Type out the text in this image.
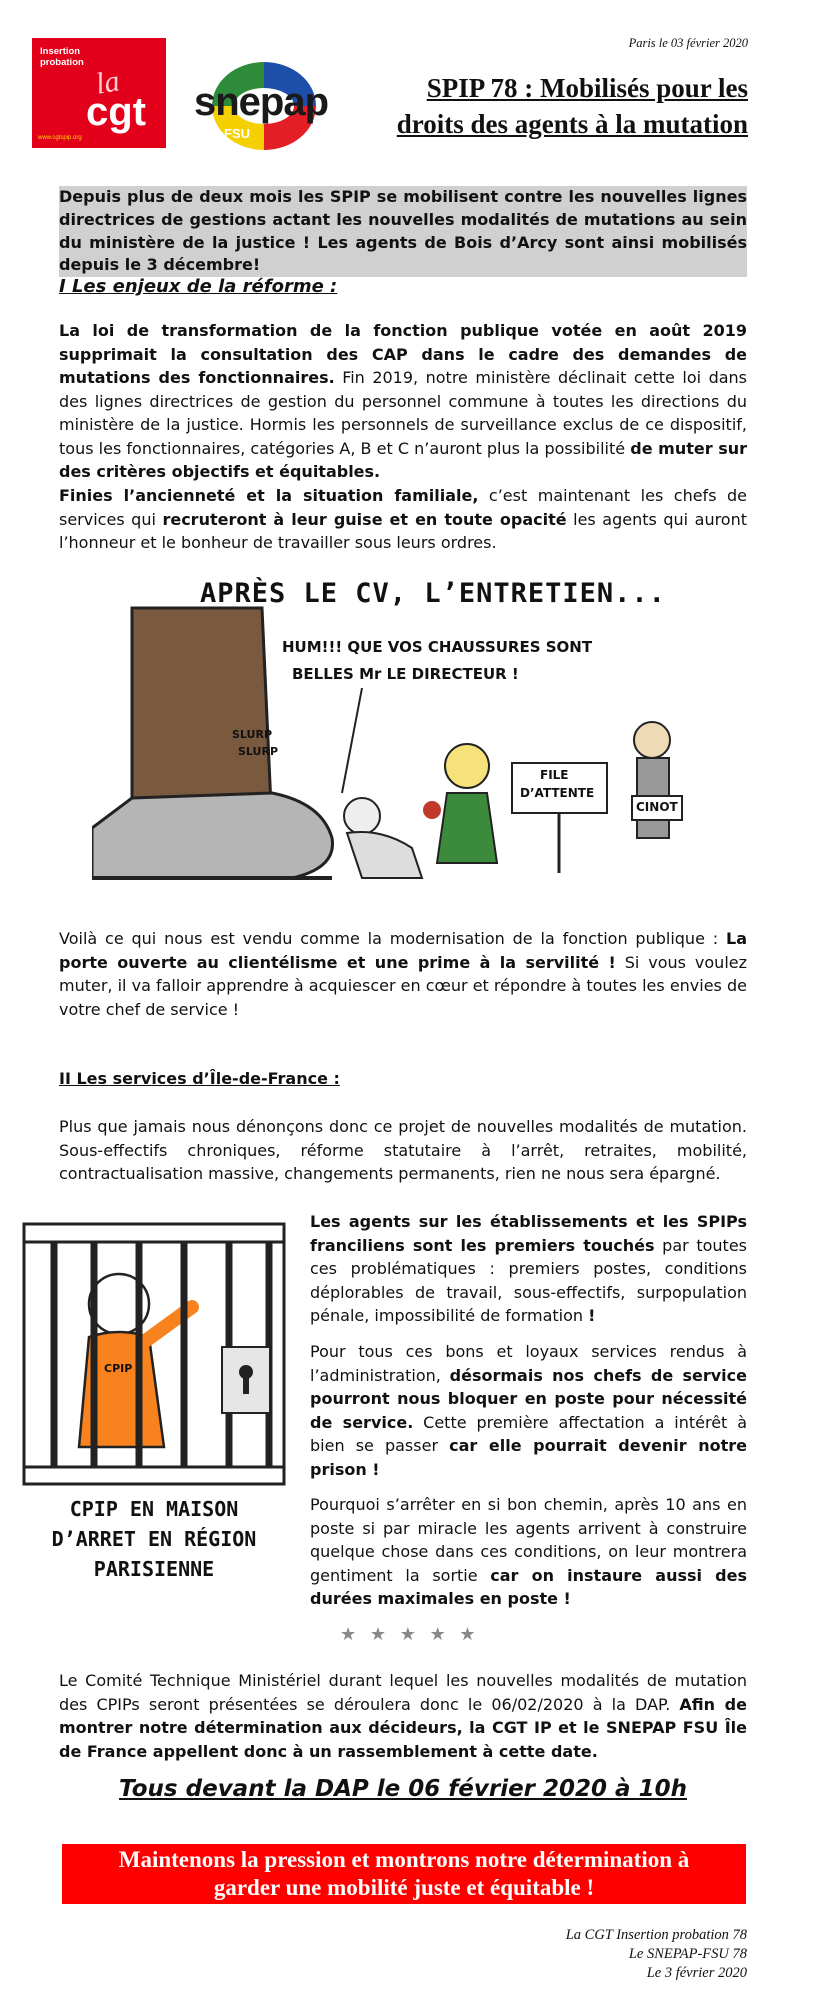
Insertion
probation
la
cgt
www.cgtspip.org
snepap
FSU
Paris le 03 février 2020
SPIP 78 : Mobilisés pour les
droits des agents à la mutation
Depuis plus de deux mois les SPIP se mobilisent contre les nouvelles lignes directrices de gestions actant les nouvelles modalités de mutations au sein du ministère de la justice ! Les agents de Bois d’Arcy sont ainsi mobilisés depuis le 3 décembre!
I Les enjeux de la réforme :
La loi de transformation de la fonction publique votée en août 2019 supprimait la consultation des CAP dans le cadre des demandes de mutations des fonctionnaires. Fin 2019, notre ministère déclinait cette loi dans des lignes directrices de gestion du personnel commune à toutes les directions du ministère de la justice. Hormis les personnels de surveillance exclus de ce dispositif, tous les fonctionnaires, catégories A, B et C n’auront plus la possibilité de muter sur des critères objectifs et équitables.
Finies l’ancienneté et la situation familiale, c’est maintenant les chefs de services qui recruteront à leur guise et en toute opacité les agents qui auront l’honneur et le bonheur de travailler sous leurs ordres.
APRÈS LE CV, L’ENTRETIEN...
HUM!!! QUE VOS CHAUSSURES SONT
BELLES Mr LE DIRECTEUR !
SLURP
SLURP
FILE
D’ATTENTE
CINOT
Voilà ce qui nous est vendu comme la modernisation de la fonction publique : La porte ouverte au clientélisme et une prime à la servilité ! Si vous voulez muter, il va falloir apprendre à acquiescer en cœur et répondre à toutes les envies de votre chef de service !
II Les services d’Île-de-France :
Plus que jamais nous dénonçons donc ce projet de nouvelles modalités de mutation. Sous-effectifs chroniques, réforme statutaire à l’arrêt, retraites, mobilité, contractualisation massive, changements permanents, rien ne nous sera épargné.
CPIP
CPIP EN MAISON
D’ARRET EN RÉGION
PARISIENNE
Les agents sur les établissements et les SPIPs franciliens sont les premiers touchés par toutes ces problématiques : premiers postes, conditions déplorables de travail, sous-effectifs, surpopulation pénale, impossibilité de formation !
Pour tous ces bons et loyaux services rendus à l’administration, désormais nos chefs de service pourront nous bloquer en poste pour nécessité de service. Cette première affectation a intérêt à bien se passer car elle pourrait devenir notre prison !
Pourquoi s’arrêter en si bon chemin, après 10 ans en poste si par miracle les agents arrivent à construire quelque chose dans ces conditions, on leur montrera gentiment la sortie car on instaure aussi des durées maximales en poste !
★ ★ ★ ★ ★
Le Comité Technique Ministériel durant lequel les nouvelles modalités de mutation des CPIPs seront présentées se déroulera donc le 06/02/2020 à la DAP. Afin de montrer notre détermination aux décideurs, la CGT IP et le SNEPAP FSU Île de France appellent donc à un rassemblement à cette date.
Tous devant la DAP le 06 février 2020 à 10h
Maintenons la pression et montrons notre détermination à
garder une mobilité juste et équitable !
La CGT Insertion probation 78
Le SNEPAP-FSU 78
Le 3 février 2020
